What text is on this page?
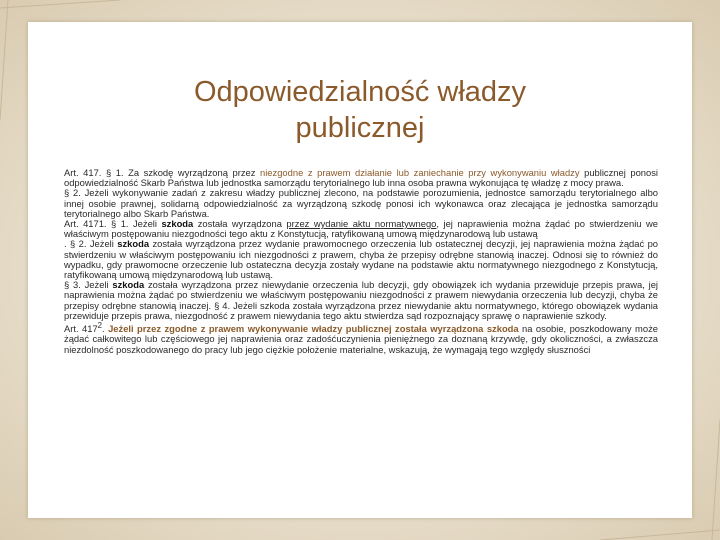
Odpowiedzialność władzy
publicznej

Art. 417. § 1. Za szkodę wyrządzoną przez niezgodne z prawem działanie lub zaniechanie przy wykonywaniu władzy publicznej ponosi odpowiedzialność Skarb Państwa lub jednostka samorządu terytorialnego lub inna osoba prawna wykonująca tę władzę z mocy prawa.

§ 2. Jeżeli wykonywanie zadań z zakresu władzy publicznej zlecono, na podstawie porozumienia, jednostce samorządu terytorialnego albo innej osobie prawnej, solidarną odpowiedzialność za wyrządzoną szkodę ponosi ich wykonawca oraz zlecająca je jednostka samorządu terytorialnego albo Skarb Państwa.

Art. 4171. § 1. Jeżeli szkoda została wyrządzona przez wydanie aktu normatywnego, jej naprawienia można żądać po stwierdzeniu we właściwym postępowaniu niezgodności tego aktu z Konstytucją, ratyfikowaną umową międzynarodową lub ustawą

. § 2. Jeżeli szkoda została wyrządzona przez wydanie prawomocnego orzeczenia lub ostatecznej decyzji, jej naprawienia można żądać po stwierdzeniu w właściwym postępowaniu ich niezgodności z prawem, chyba że przepisy odrębne stanowią inaczej. Odnosi się to również do wypadku, gdy prawomocne orzeczenie lub ostateczna decyzja zostały wydane na podstawie aktu normatywnego niezgodnego z Konstytucją, ratyfikowaną umową międzynarodową lub ustawą.

§ 3. Jeżeli szkoda została wyrządzona przez niewydanie orzeczenia lub decyzji, gdy obowiązek ich wydania przewiduje przepis prawa, jej naprawienia można żądać po stwierdzeniu we właściwym postępowaniu niezgodności z prawem niewydania orzeczenia lub decyzji, chyba że przepisy odrębne stanowią inaczej. § 4. Jeżeli szkoda została wyrządzona przez niewydanie aktu normatywnego, którego obowiązek wydania przewiduje przepis prawa, niezgodność z prawem niewydania tego aktu stwierdza sąd rozpoznający sprawę o naprawienie szkody.

Art. $417^2$. Jeżeli przez zgodne z prawem wykonywanie władzy publicznej została wyrządzona szkoda na osobie, poszkodowany może żądać całkowitego lub częściowego jej naprawienia oraz zadośćuczynienia pieniężnego za doznaną krzywdę, gdy okoliczności, a zwłaszcza niezdolność poszkodowanego do pracy lub jego ciężkie położenie materialne, wskazują, że wymagają tego względy słuszności
